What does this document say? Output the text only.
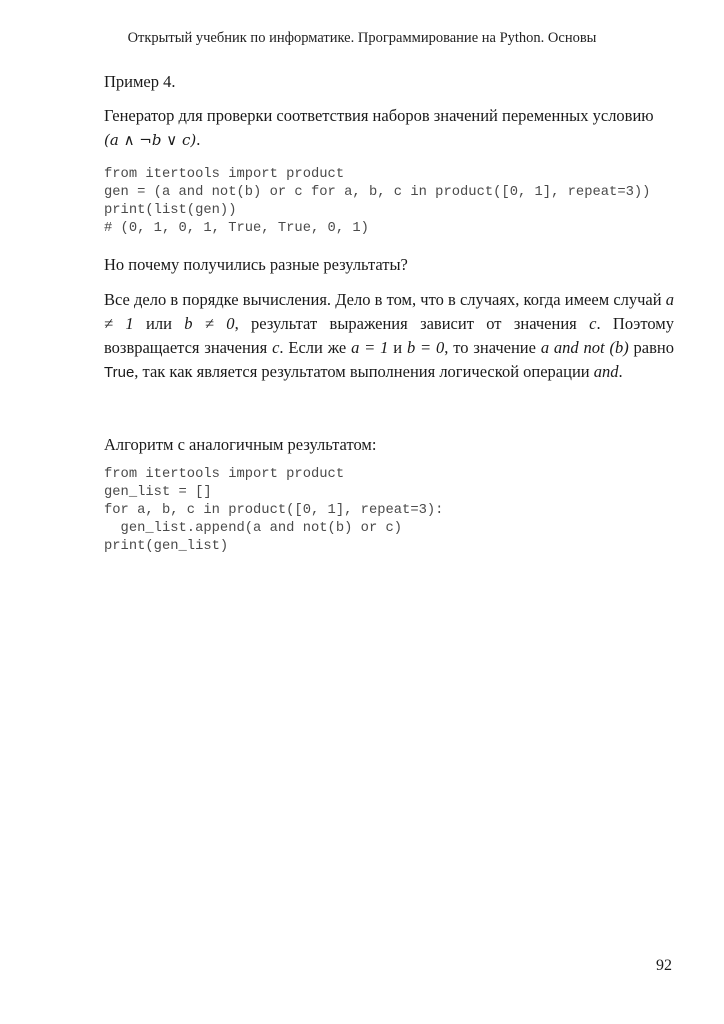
Открытый учебник по информатике. Программирование на Python. Основы

Пример 4.

Генератор для проверки соответствия наборов значений переменных условию
(a ∧ ¬b ∨ c).

from itertools import product
gen = (a and not(b) or c for a, b, c in product([0, 1], repeat=3))
print(list(gen))
# (0, 1, 0, 1, True, True, 0, 1)

Но почему получились разные результаты?

Все дело в порядке вычисления. Дело в том, что в случаях, когда имеем случай a ≠ 1 или b ≠ 0, результат выражения зависит от значения c. Поэтому возвращается значения c. Если же a = 1 и b = 0, то значение a and not (b) равно True, так как является результатом выполнения логической операции and.

Алгоритм с аналогичным результатом:

from itertools import product
gen_list = []
for a, b, c in product([0, 1], repeat=3):
gen_list.append(a and not(b) or c)
print(gen_list)
92
